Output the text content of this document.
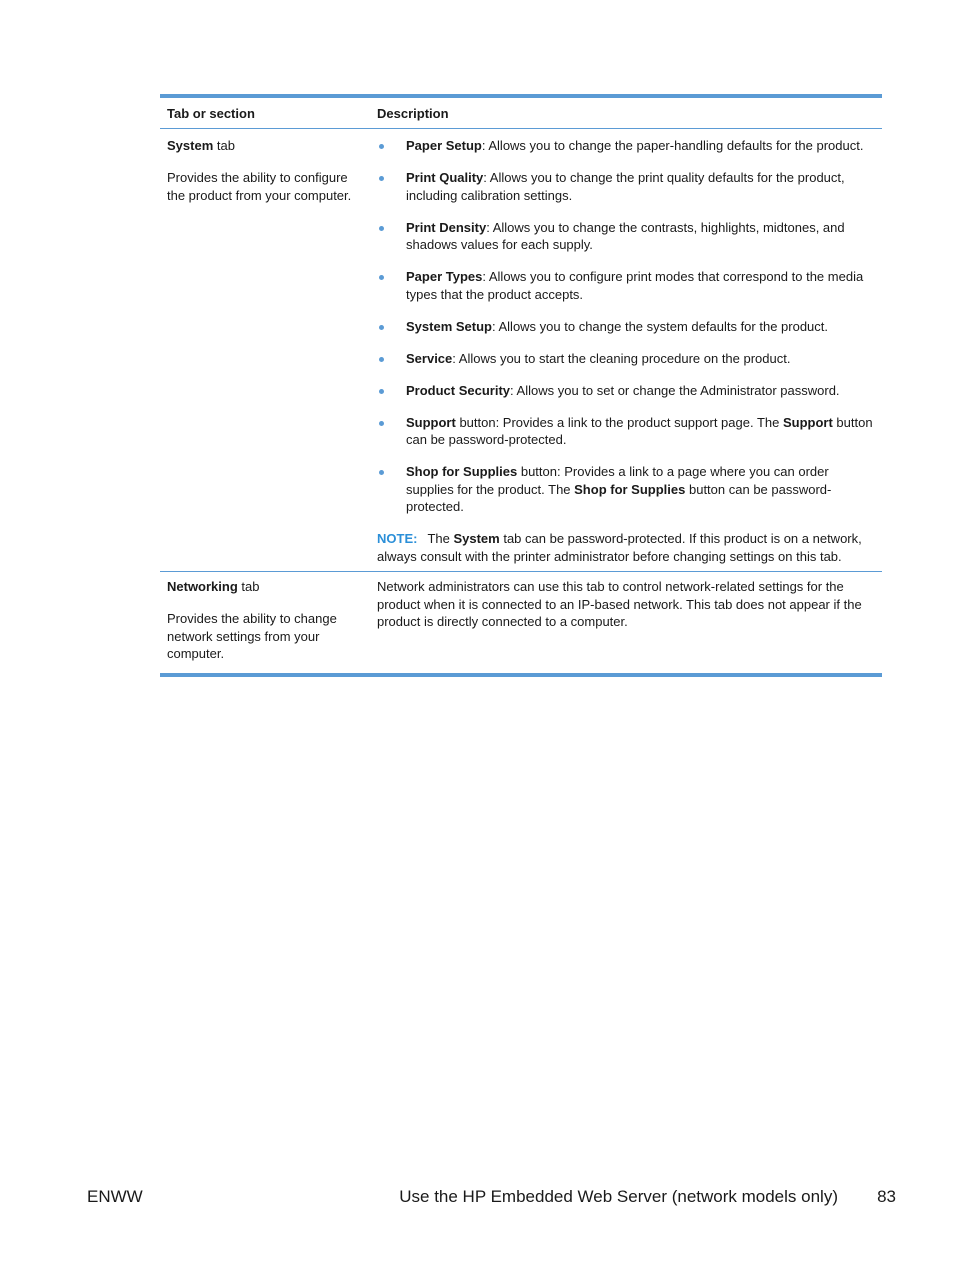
Tab or section	Description

System tab

Provides the ability to configure the product from your computer.

Paper Setup: Allows you to change the paper-handling defaults for the product.
Print Quality: Allows you to change the print quality defaults for the product, including calibration settings.
Print Density: Allows you to change the contrasts, highlights, midtones, and shadows values for each supply.
Paper Types: Allows you to configure print modes that correspond to the media types that the product accepts.
System Setup: Allows you to change the system defaults for the product.
Service: Allows you to start the cleaning procedure on the product.
Product Security: Allows you to set or change the Administrator password.
Support button: Provides a link to the product support page. The Support button can be password-protected.
Shop for Supplies button: Provides a link to a page where you can order supplies for the product. The Shop for Supplies button can be password-protected.

NOTE: The System tab can be password-protected. If this product is on a network, always consult with the printer administrator before changing settings on this tab.

Networking tab

Provides the ability to change network settings from your computer.

Network administrators can use this tab to control network-related settings for the product when it is connected to an IP-based network. This tab does not appear if the product is directly connected to a computer.

ENWW	Use the HP Embedded Web Server (network models only) 83
